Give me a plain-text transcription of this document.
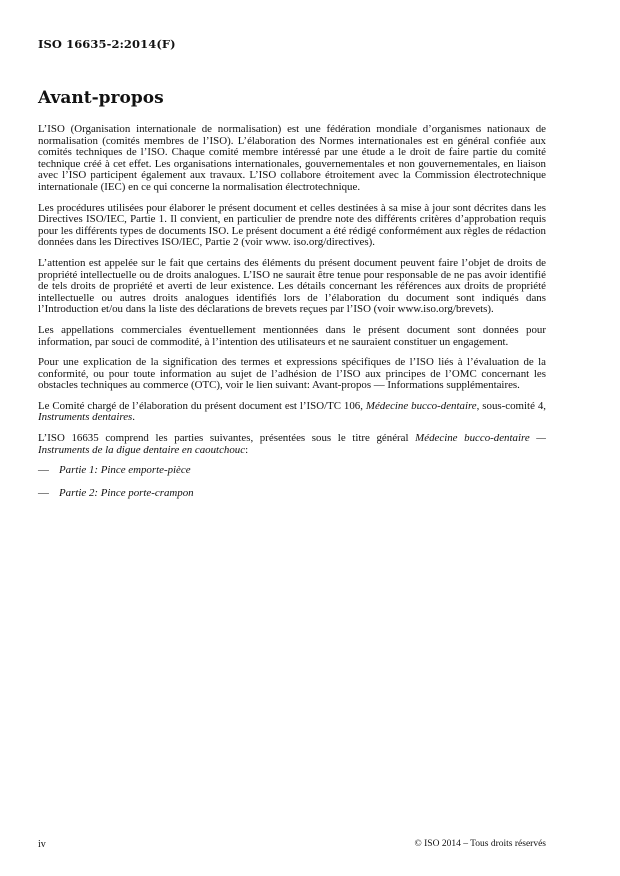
ISO 16635-2:2014(F)
Avant-propos

L’ISO (Organisation internationale de normalisation) est une fédération mondiale d’organismes nationaux de normalisation (comités membres de l’ISO). L’élaboration des Normes internationales est en général confiée aux comités techniques de l’ISO. Chaque comité membre intéressé par une étude a le droit de faire partie du comité technique créé à cet effet. Les organisations internationales, gouvernementales et non gouvernementales, en liaison avec l’ISO participent également aux travaux. L’ISO collabore étroitement avec la Commission électrotechnique internationale (IEC) en ce qui concerne la normalisation électrotechnique.

Les procédures utilisées pour élaborer le présent document et celles destinées à sa mise à jour sont décrites dans les Directives ISO/IEC, Partie 1. Il convient, en particulier de prendre note des différents critères d’approbation requis pour les différents types de documents ISO. Le présent document a été rédigé conformément aux règles de rédaction données dans les Directives ISO/IEC, Partie 2 (voir www. iso.org/directives).

L’attention est appelée sur le fait que certains des éléments du présent document peuvent faire l’objet de droits de propriété intellectuelle ou de droits analogues. L’ISO ne saurait être tenue pour responsable de ne pas avoir identifié de tels droits de propriété et averti de leur existence. Les détails concernant les références aux droits de propriété intellectuelle ou autres droits analogues identifiés lors de l’élaboration du document sont indiqués dans l’Introduction et/ou dans la liste des déclarations de brevets reçues par l’ISO (voir www.iso.org/brevets).

Les appellations commerciales éventuellement mentionnées dans le présent document sont données pour information, par souci de commodité, à l’intention des utilisateurs et ne sauraient constituer un engagement.

Pour une explication de la signification des termes et expressions spécifiques de l’ISO liés à l’évaluation de la conformité, ou pour toute information au sujet de l’adhésion de l’ISO aux principes de l’OMC concernant les obstacles techniques au commerce (OTC), voir le lien suivant: Avant-propos — Informations supplémentaires.

Le Comité chargé de l’élaboration du présent document est l’ISO/TC 106, Médecine bucco-dentaire, sous-comité 4, Instruments dentaires.

L’ISO 16635 comprend les parties suivantes, présentées sous le titre général Médecine bucco-dentaire — Instruments de la digue dentaire en caoutchouc:

— Partie 1: Pince emporte-pièce
— Partie 2: Pince porte-crampon
iv	© ISO 2014 – Tous droits réservés
